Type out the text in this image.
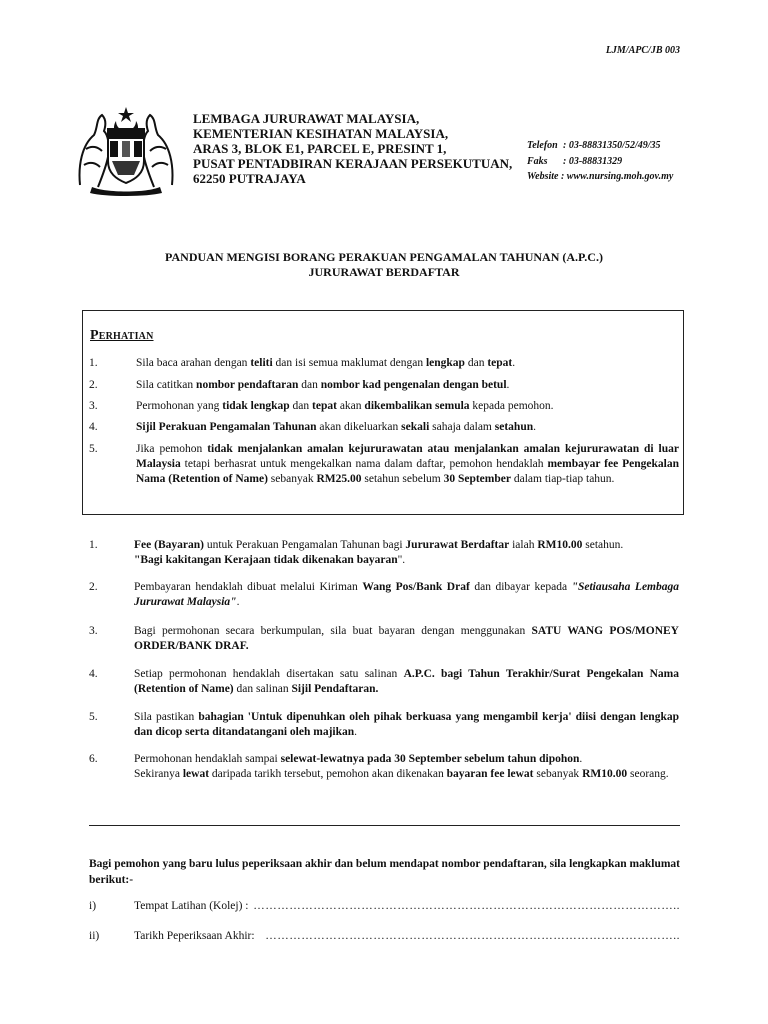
LJM/APC/JB 003
LEMBAGA JURURAWAT MALAYSIA,
KEMENTERIAN KESIHATAN MALAYSIA,
ARAS 3, BLOK E1, PARCEL E, PRESINT 1,
PUSAT PENTADBIRAN KERAJAAN PERSEKUTUAN,
62250 PUTRAJAYA
Telefon : 03-88831350/52/49/35
Faks : 03-88831329
Website : www.nursing.moh.gov.my
PANDUAN MENGISI BORANG PERAKUAN PENGAMALAN TAHUNAN (A.P.C.)
JURURAWAT BERDAFTAR
Perhatian
1.	Sila baca arahan dengan teliti dan isi semua maklumat dengan lengkap dan tepat.
2.	Sila catitkan nombor pendaftaran dan nombor kad pengenalan dengan betul.
3.	Permohonan yang tidak lengkap dan tepat akan dikembalikan semula kepada pemohon.
4.	Sijil Perakuan Pengamalan Tahunan akan dikeluarkan sekali sahaja dalam setahun.
5.	Jika pemohon tidak menjalankan amalan kejururawatan atau menjalankan amalan kejururawatan di luar Malaysia tetapi berhasrat untuk mengekalkan nama dalam daftar, pemohon hendaklah membayar fee Pengekalan Nama (Retention of Name) sebanyak RM25.00 setahun sebelum 30 September dalam tiap-tiap tahun.
1.	Fee (Bayaran) untuk Perakuan Pengamalan Tahunan bagi Jururawat Berdaftar ialah RM10.00 setahun.
"Bagi kakitangan Kerajaan tidak dikenakan bayaran".
2.	Pembayaran hendaklah dibuat melalui Kiriman Wang Pos/Bank Draf dan dibayar kepada "Setiausaha Lembaga Jururawat Malaysia".
3.	Bagi permohonan secara berkumpulan, sila buat bayaran dengan menggunakan SATU WANG POS/MONEY ORDER/BANK DRAF.
4.	Setiap permohonan hendaklah disertakan satu salinan A.P.C. bagi Tahun Terakhir/Surat Pengekalan Nama (Retention of Name) dan salinan Sijil Pendaftaran.
5.	Sila pastikan bahagian 'Untuk dipenuhkan oleh pihak berkuasa yang mengambil kerja' diisi dengan lengkap dan dicop serta ditandatangani oleh majikan.
6.	Permohonan hendaklah sampai selewat-lewatnya pada 30 September sebelum tahun dipohon.
Sekiranya lewat daripada tarikh tersebut, pemohon akan dikenakan bayaran fee lewat sebanyak RM10.00 seorang.
Bagi pemohon yang baru lulus peperiksaan akhir dan belum mendapat nombor pendaftaran, sila lengkapkan maklumat berikut:-
i)	Tempat Latihan (Kolej) : ……………………………………………………………………………………………..
ii)	Tarikh Peperiksaan Akhir: …………………………………………………………………………………………..
